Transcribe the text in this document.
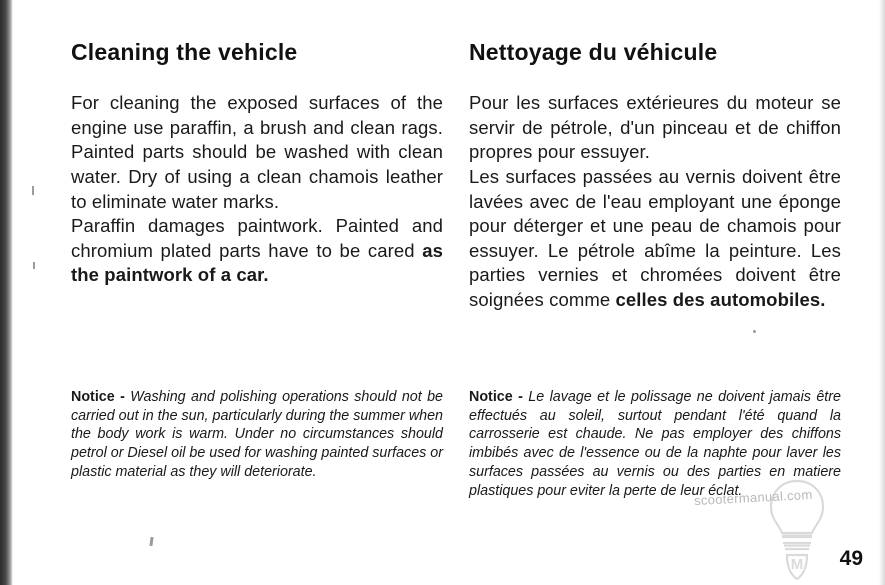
Cleaning the vehicle

For cleaning the exposed surfaces of the engine use paraffin, a brush and clean rags. Painted parts should be washed with clean water. Dry of using a clean chamois leather to eliminate water marks.

Paraffin damages paintwork. Painted and chromium plated parts have to be cared as the paintwork of a car.

Nettoyage du véhicule

Pour les surfaces extérieures du moteur se servir de pétrole, d'un pinceau et de chiffon propres pour essuyer.

Les surfaces passées au vernis doivent être lavées avec de l'eau employant une éponge pour déterger et une peau de chamois pour essuyer. Le pétrole abîme la peinture. Les parties vernies et chromées doivent être soignées comme celles des automobiles.

Notice - Washing and polishing operations should not be carried out in the sun, particularly during the summer when the body work is warm. Under no circumstances should petrol or Diesel oil be used for washing painted surfaces or plastic material as they will deteriorate.
Notice - Le lavage et le polissage ne doivent jamais être effectués au soleil, surtout pendant l'été quand la carrosserie est chaude. Ne pas employer des chiffons imbibés avec de l'essence ou de la naphte pour laver les surfaces passées au vernis ou des parties en matiere plastiques pour eviter la perte de leur éclat.
scootermanual.com
M 49
